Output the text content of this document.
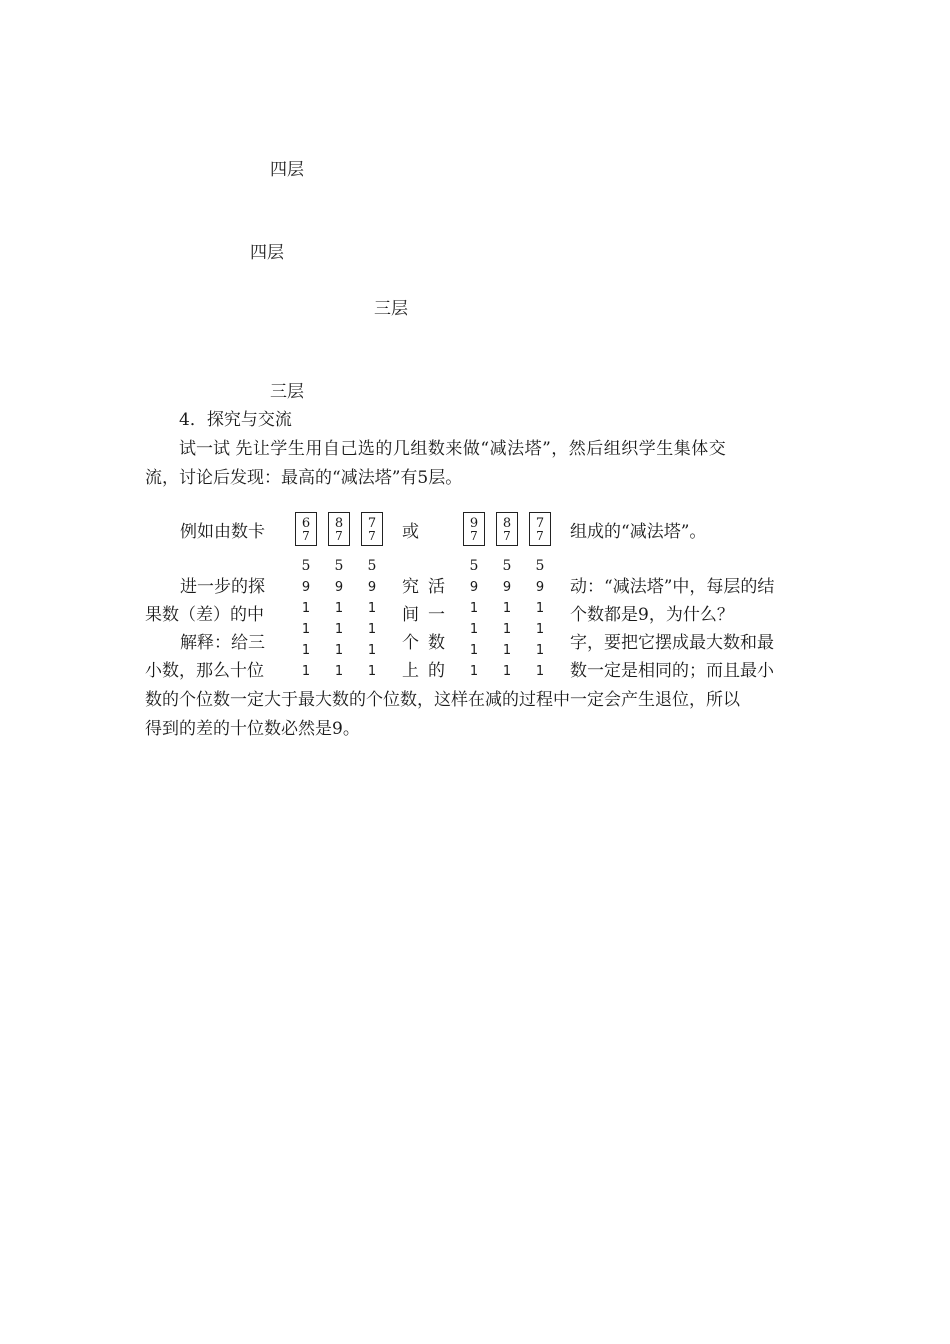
四层
四层
三层
三层
4．探究与交流
试一试 先让学生用自己选的几组数来做“减法塔”，然后组织学生集体交
流，讨论后发现：最高的“减法塔”有5层。
例如由数卡	或	组成的“减法塔”。
6
7
8
7
7
7
9
7
8
7
7
7
5
9
1
1
1
1
5
9
1
1
1
1
5
9
1
1
1
1
5
9
1
1
1
1
5
9
1
1
1
1
5
9
1
1
1
1
进一步的探	究 活	动：“减法塔”中，每层的结
果数（差）的中	间 一	个数都是9，为什么？
解释：给三	个 数	字，要把它摆成最大数和最
小数，那么十位	上 的	数一定是相同的；而且最小
数的个位数一定大于最大数的个位数，这样在减的过程中一定会产生退位，所以
得到的差的十位数必然是9。
